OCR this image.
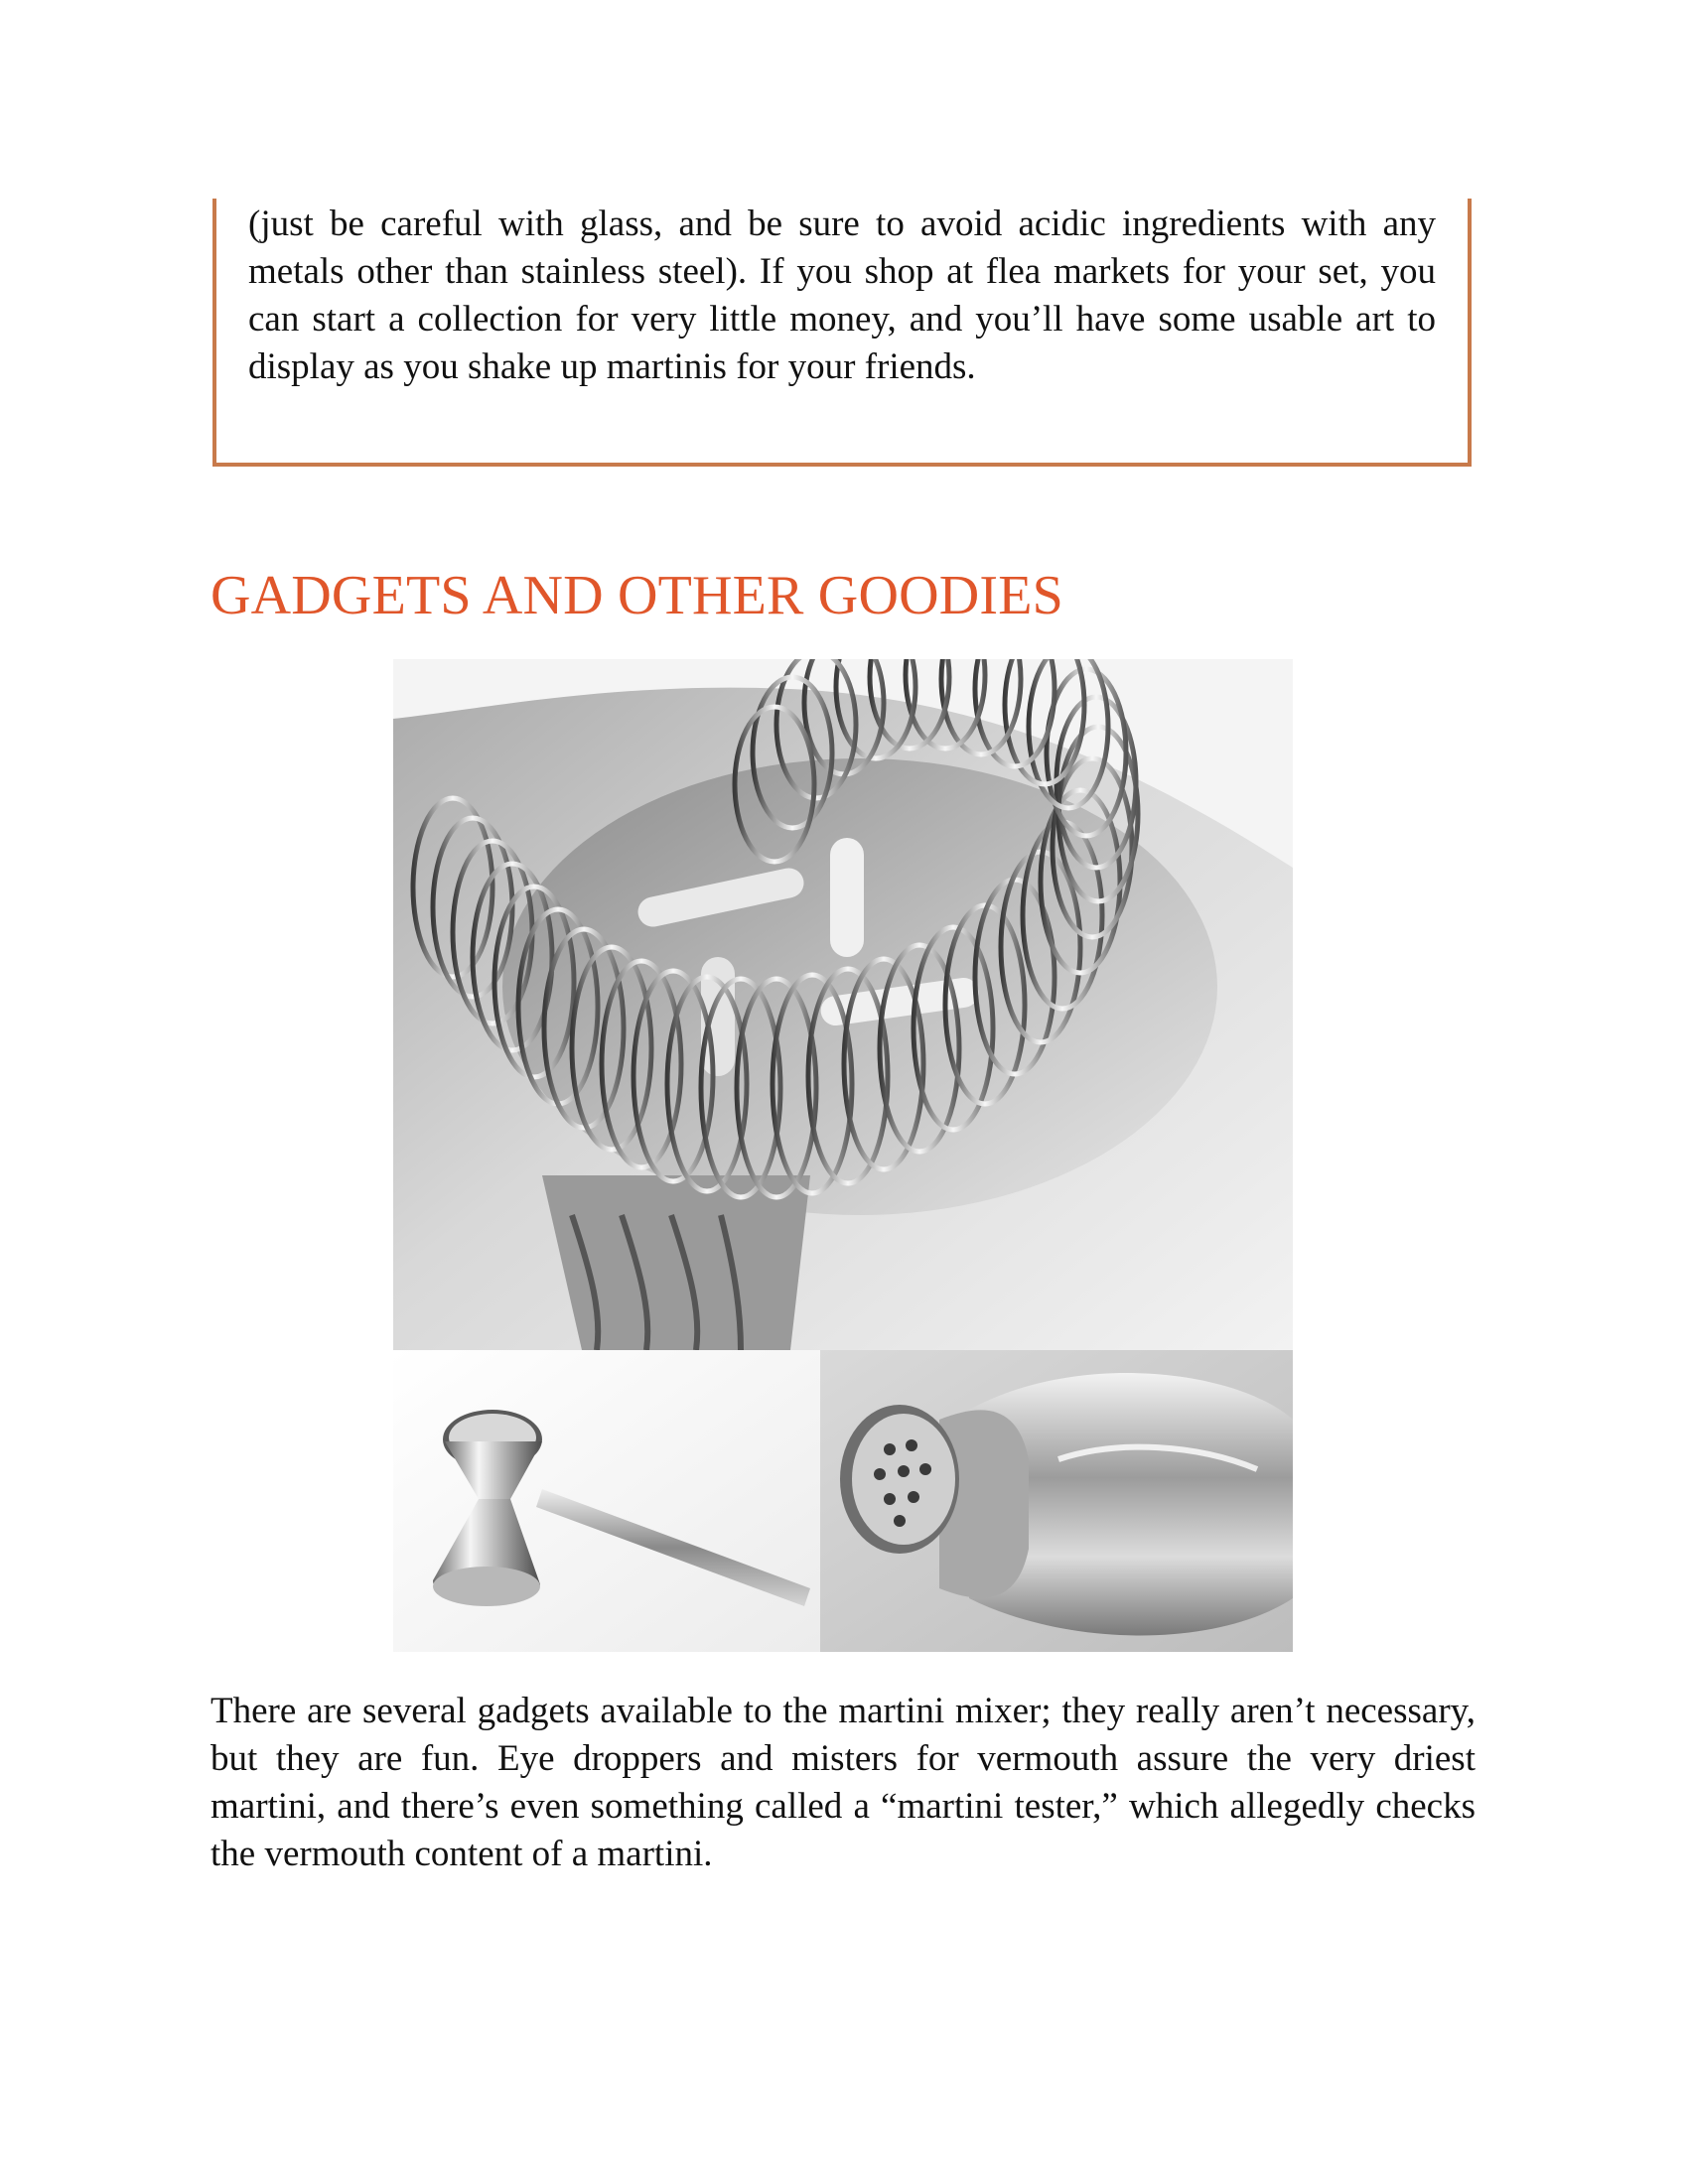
(just be careful with glass, and be sure to avoid acidic ingredients with any metals other than stainless steel). If you shop at flea markets for your set, you can start a collection for very little money, and you’ll have some usable art to display as you shake up martinis for your friends.

GADGETS AND OTHER GOODIES

There are several gadgets available to the martini mixer; they really aren’t necessary, but they are fun. Eye droppers and misters for vermouth assure the very driest martini, and there’s even something called a “martini tester,” which allegedly checks the vermouth content of a martini.
